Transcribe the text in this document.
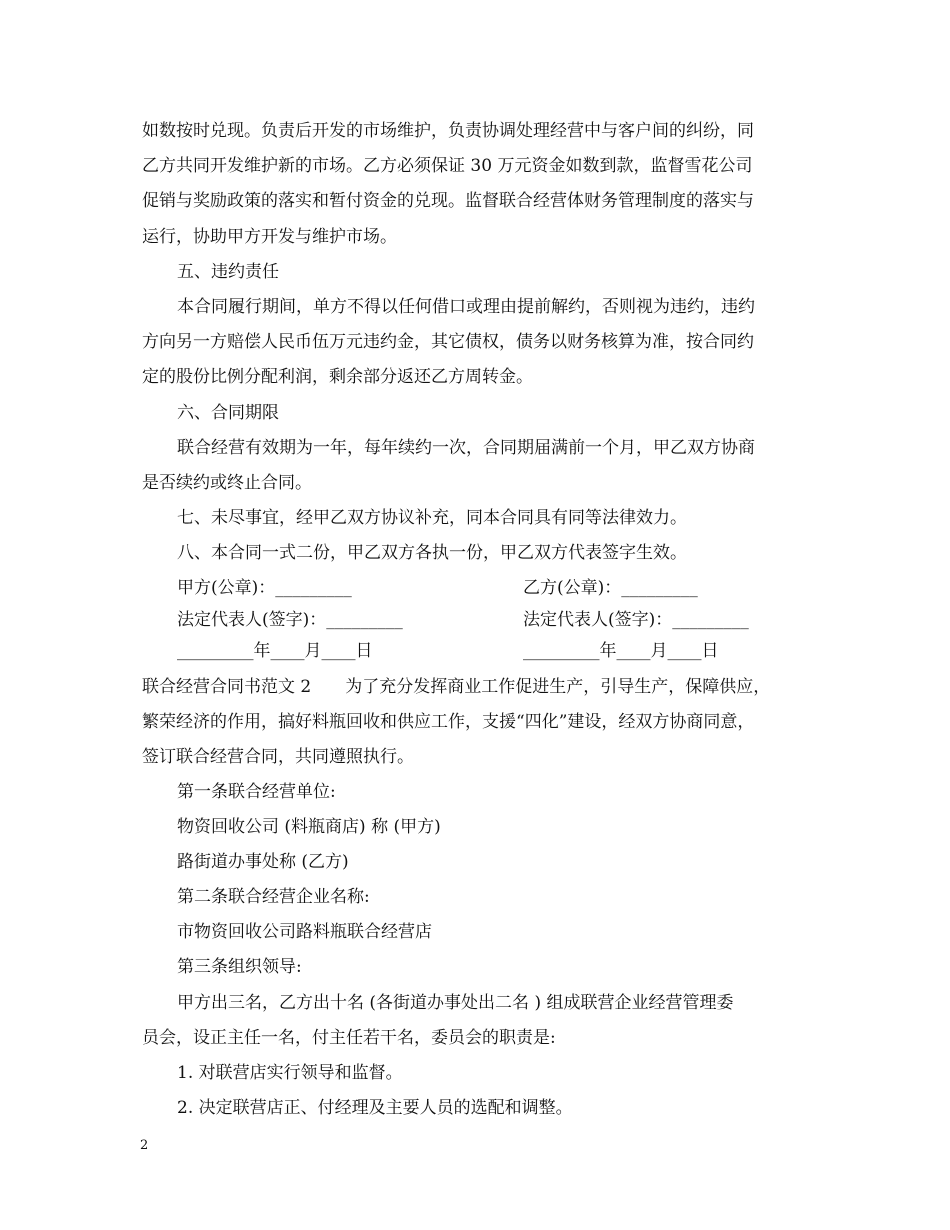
如数按时兑现。负责后开发的市场维护，负责协调处理经营中与客户间的纠纷，同
乙方共同开发维护新的市场。乙方必须保证 30 万元资金如数到款，监督雪花公司
促销与奖励政策的落实和暂付资金的兑现。监督联合经营体财务管理制度的落实与
运行，协助甲方开发与维护市场。
五、违约责任
本合同履行期间，单方不得以任何借口或理由提前解约，否则视为违约，违约
方向另一方赔偿人民币伍万元违约金，其它债权，债务以财务核算为准，按合同约
定的股份比例分配利润，剩余部分返还乙方周转金。
六、合同期限
联合经营有效期为一年，每年续约一次，合同期届满前一个月，甲乙双方协商
是否续约或终止合同。
七、未尽事宜，经甲乙双方协议补充，同本合同具有同等法律效力。
八、本合同一式二份，甲乙双方各执一份，甲乙双方代表签字生效。
甲方(公章)：_________	乙方(公章)：_________
法定代表人(签字)：_________	法定代表人(签字)：_________
_________年____月____日	_________年____月____日
联合经营合同书范文 2　　为了充分发挥商业工作促进生产，引导生产，保障供应，
繁荣经济的作用，搞好料瓶回收和供应工作，支援“四化”建设，经双方协商同意，
签订联合经营合同，共同遵照执行。
第一条联合经营单位:
物资回收公司 (料瓶商店) 称 (甲方)
路街道办事处称 (乙方)
第二条联合经营企业名称:
市物资回收公司路料瓶联合经营店
第三条组织领导:
甲方出三名，乙方出十名 (各街道办事处出二名 ) 组成联营企业经营管理委
员会，设正主任一名，付主任若干名，委员会的职责是:
1. 对联营店实行领导和监督。
2. 决定联营店正、付经理及主要人员的选配和调整。
2
